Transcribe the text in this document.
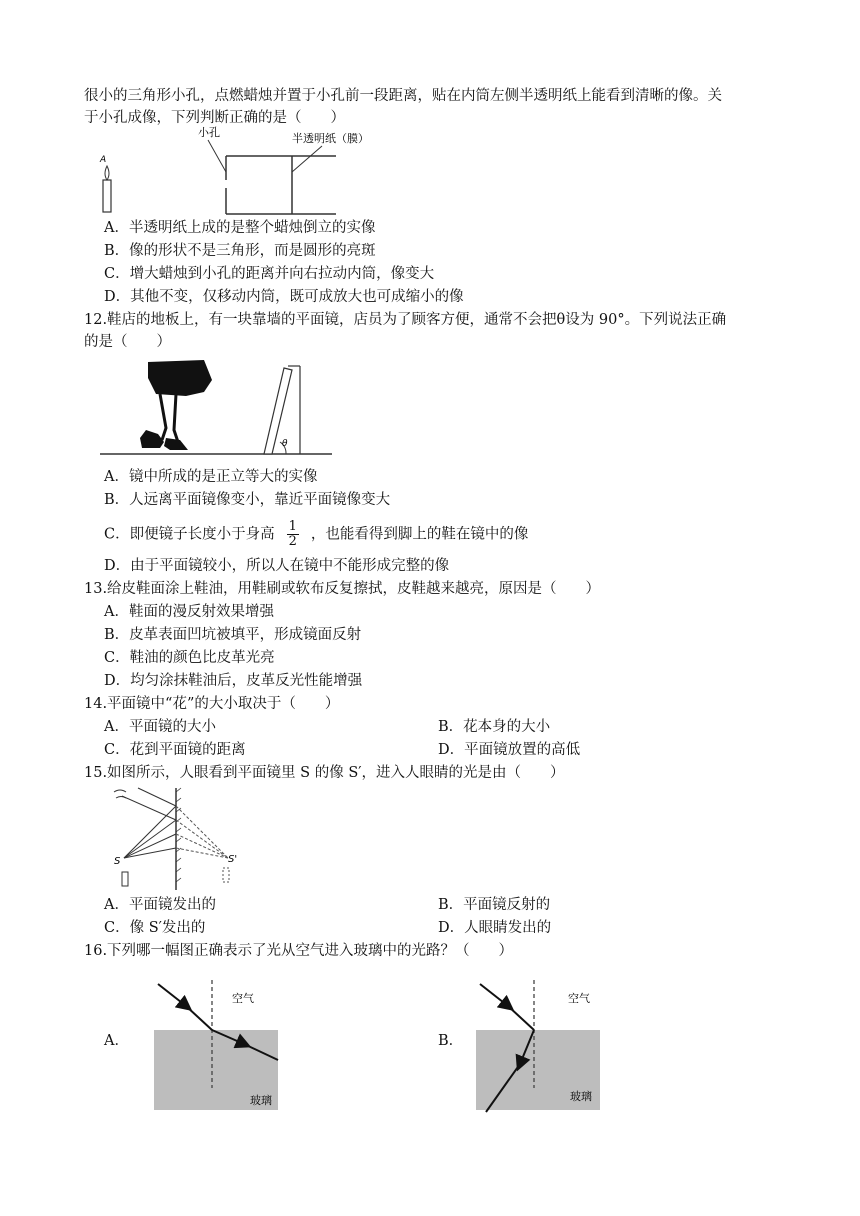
很小的三角形小孔，点燃蜡烛并置于小孔前一段距离，贴在内筒左侧半透明纸上能看到清晰的像。关
于小孔成像，下列判断正确的是（　　）
A
小孔	半透明纸（膜）
A．半透明纸上成的是整个蜡烛倒立的实像
B．像的形状不是三角形，而是圆形的亮斑
C．增大蜡烛到小孔的距离并向右拉动内筒，像变大
D．其他不变，仅移动内筒，既可成放大也可成缩小的像
12.鞋店的地板上，有一块靠墙的平面镜，店员为了顾客方便，通常不会把θ设为 90°。下列说法正确
的是（　　）
θ
A．镜中所成的是正立等大的实像
B．人远离平面镜像变小，靠近平面镜像变大
C．即便镜子长度小于身高 $\frac{1}{2}$ ，也能看得到脚上的鞋在镜中的像
D．由于平面镜较小，所以人在镜中不能形成完整的像
13.给皮鞋面涂上鞋油，用鞋刷或软布反复擦拭，皮鞋越来越亮，原因是（　　）
A．鞋面的漫反射效果增强
B．皮革表面凹坑被填平，形成镜面反射
C．鞋油的颜色比皮革光亮
D．均匀涂抹鞋油后，皮革反光性能增强
14.平面镜中“花”的大小取决于（　　）
A．平面镜的大小	B．花本身的大小
C．花到平面镜的距离	D．平面镜放置的高低
15.如图所示，人眼看到平面镜里 S 的像 S′，进入人眼睛的光是由（　　）
S	S'
A．平面镜发出的	B．平面镜反射的
C．像 S′发出的	D．人眼睛发出的
16.下列哪一幅图正确表示了光从空气进入玻璃中的光路？（　　）
A．
空气
玻璃
B．
空气
玻璃
